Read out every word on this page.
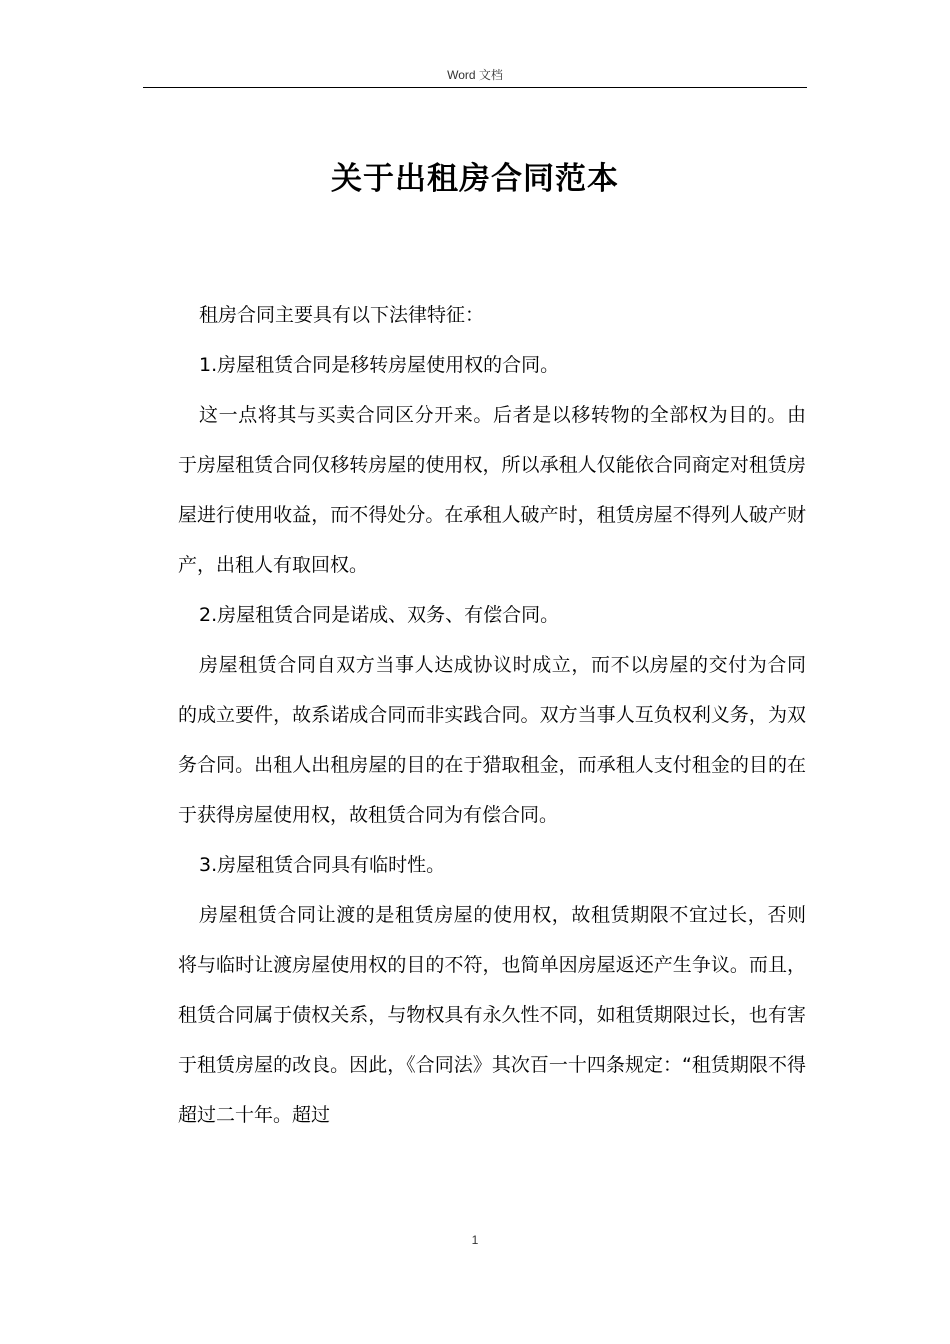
Word 文档
关于出租房合同范本

租房合同主要具有以下法律特征：

1.房屋租赁合同是移转房屋使用权的合同。

这一点将其与买卖合同区分开来。后者是以移转物的全部权为目的。由于房屋租赁合同仅移转房屋的使用权，所以承租人仅能依合同商定对租赁房屋进行使用收益，而不得处分。在承租人破产时，租赁房屋不得列人破产财产，出租人有取回权。

2.房屋租赁合同是诺成、双务、有偿合同。

房屋租赁合同自双方当事人达成协议时成立，而不以房屋的交付为合同的成立要件，故系诺成合同而非实践合同。双方当事人互负权利义务，为双务合同。出租人出租房屋的目的在于猎取租金，而承租人支付租金的目的在于获得房屋使用权，故租赁合同为有偿合同。

3.房屋租赁合同具有临时性。

房屋租赁合同让渡的是租赁房屋的使用权，故租赁期限不宜过长，否则将与临时让渡房屋使用权的目的不符，也简单因房屋返还产生争议。而且，租赁合同属于债权关系，与物权具有永久性不同，如租赁期限过长，也有害于租赁房屋的改良。因此，《合同法》其次百一十四条规定：“租赁期限不得超过二十年。超过

1
